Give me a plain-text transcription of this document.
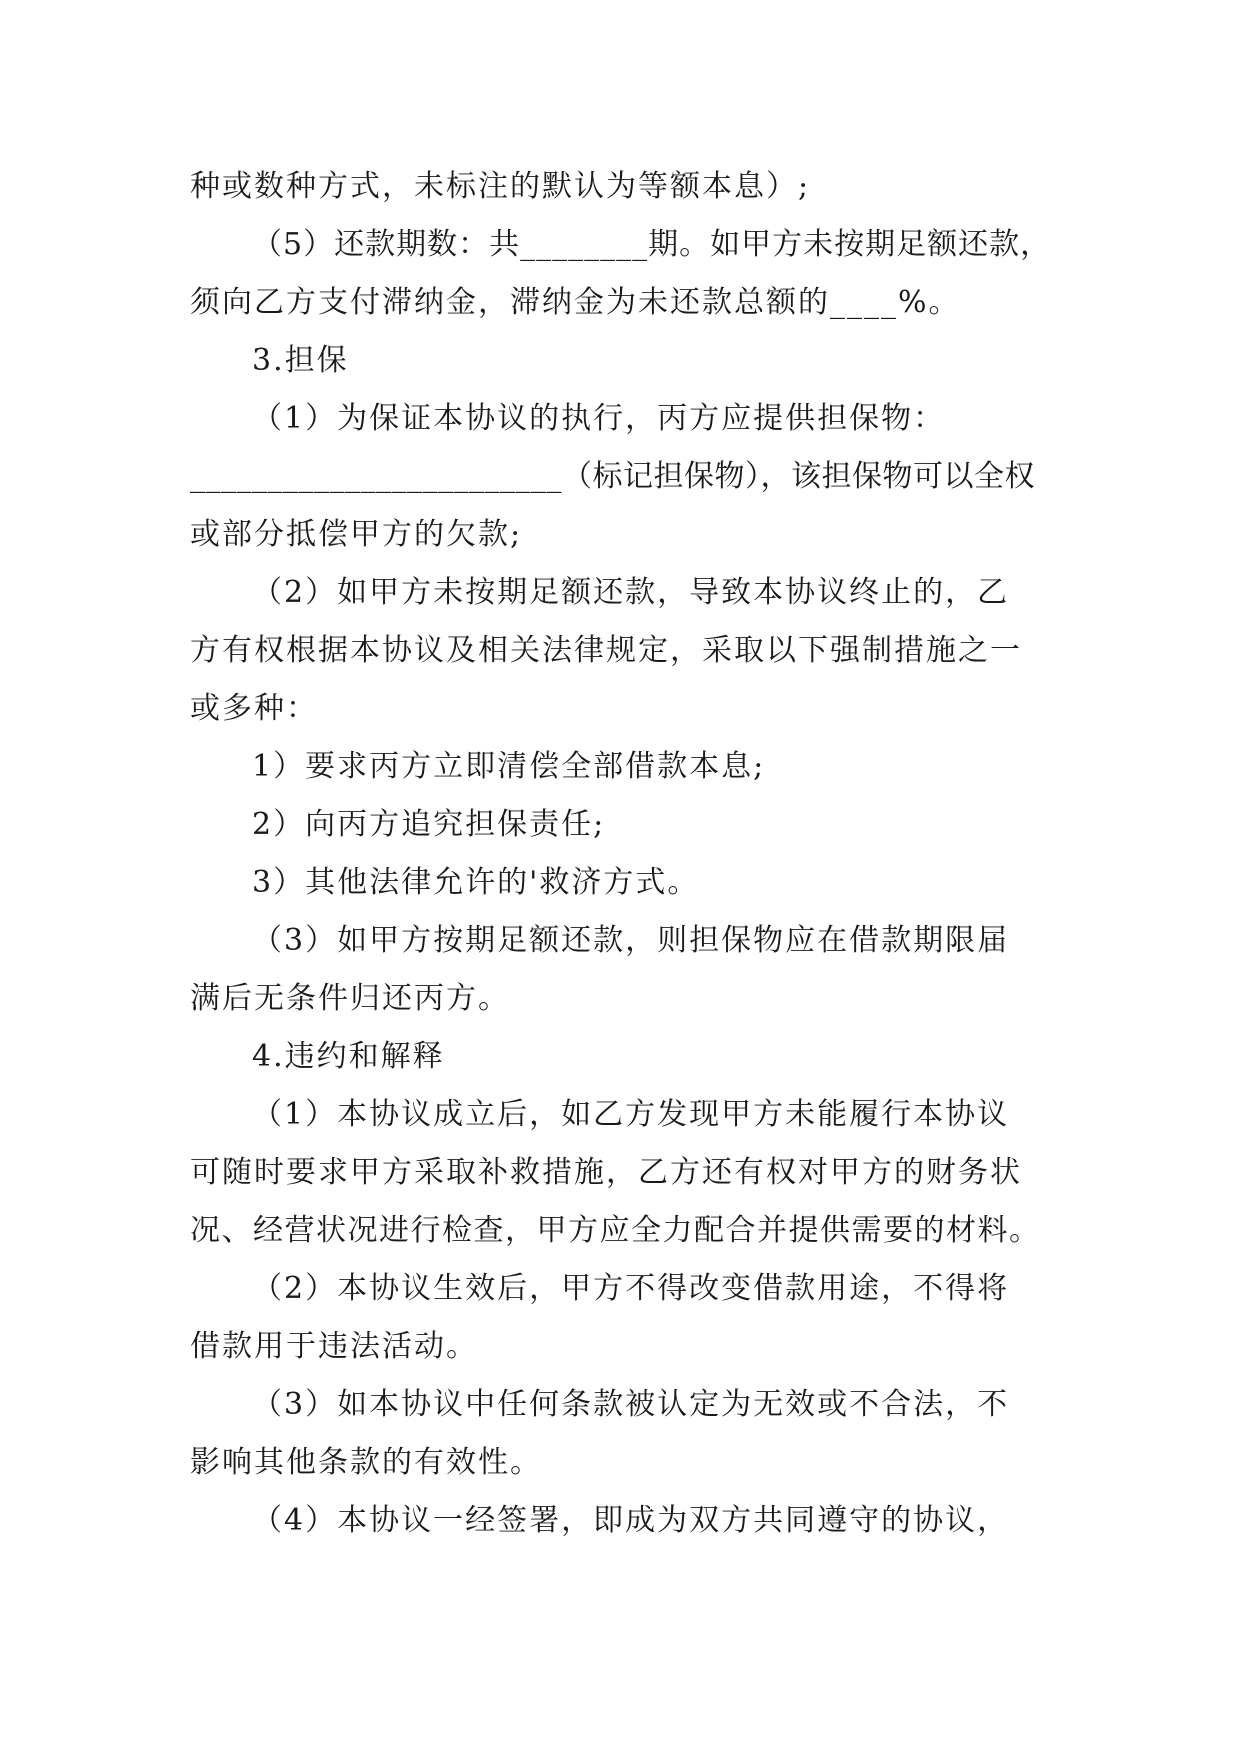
种或数种方式，未标注的默认为等额本息）;
（5）还款期数：共________期。如甲方未按期足额还款，
须向乙方支付滞纳金，滞纳金为未还款总额的____%。
3.担保
（1）为保证本协议的执行，丙方应提供担保物：
________________________（标记担保物），该担保物可以全权
或部分抵偿甲方的欠款;
（2）如甲方未按期足额还款，导致本协议终止的，乙
方有权根据本协议及相关法律规定，采取以下强制措施之一
或多种：
1）要求丙方立即清偿全部借款本息;
2）向丙方追究担保责任;
3）其他法律允许的'救济方式。
（3）如甲方按期足额还款，则担保物应在借款期限届
满后无条件归还丙方。
4.违约和解释
（1）本协议成立后，如乙方发现甲方未能履行本协议
可随时要求甲方采取补救措施，乙方还有权对甲方的财务状
况、经营状况进行检查，甲方应全力配合并提供需要的材料。
（2）本协议生效后，甲方不得改变借款用途，不得将
借款用于违法活动。
（3）如本协议中任何条款被认定为无效或不合法，不
影响其他条款的有效性。
（4）本协议一经签署，即成为双方共同遵守的协议，
